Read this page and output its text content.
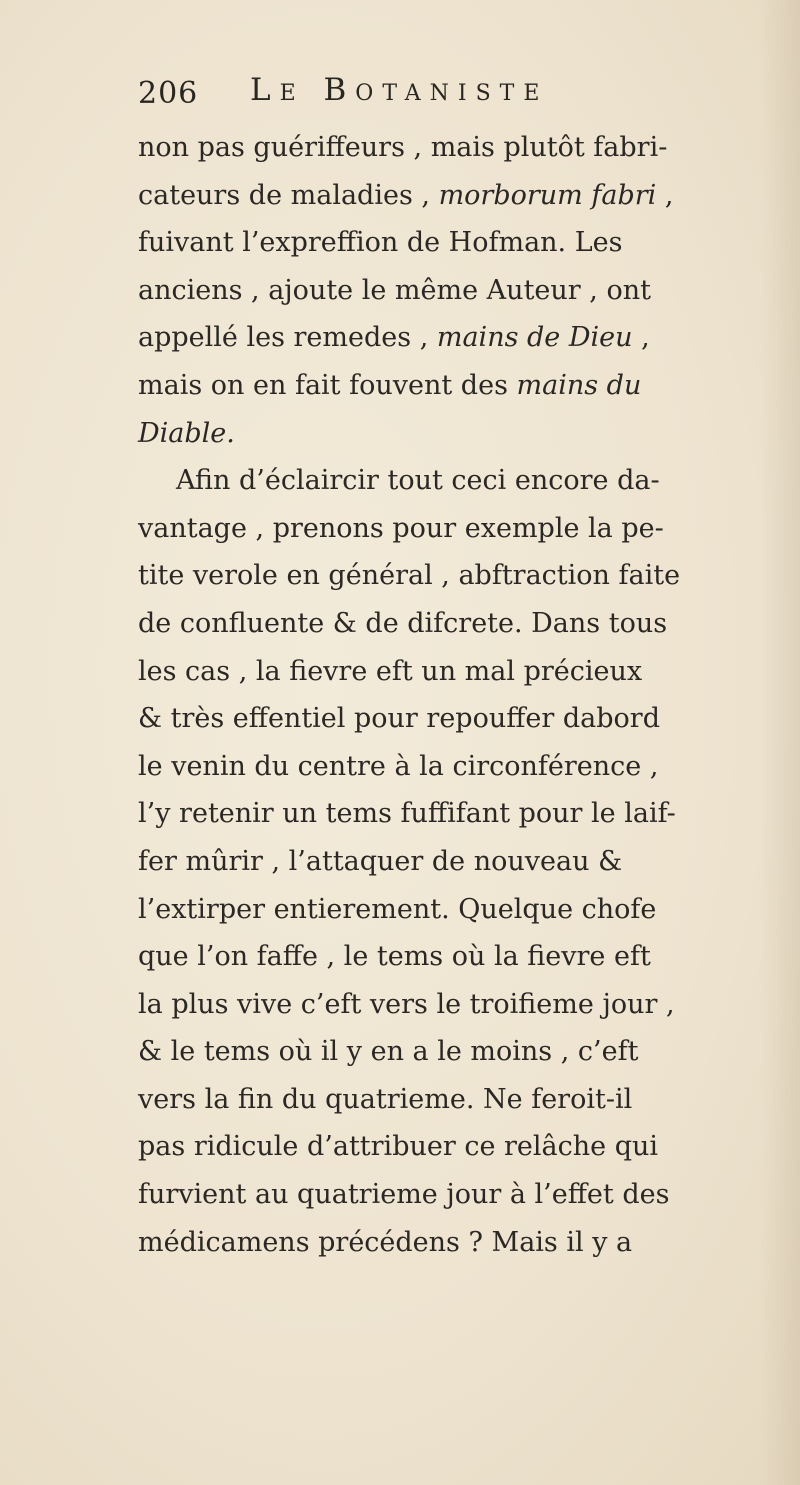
206 Le Botaniste
non pas guériffeurs , mais plutôt fabri-
cateurs de maladies , morborum fabri ,
fuivant l’expreffion de Hofman. Les
anciens , ajoute le même Auteur , ont
appellé les remedes , mains de Dieu ,
mais on en fait fouvent des mains du
Diable.
Afin d’éclaircir tout ceci encore da-
vantage , prenons pour exemple la pe-
tite verole en général , abftraction faite
de confluente & de difcrete. Dans tous
les cas , la fievre eft un mal précieux
& très effentiel pour repouffer dabord
le venin du centre à la circonférence ,
l’y retenir un tems fuffifant pour le laif-
fer mûrir , l’attaquer de nouveau &
l’extirper entierement. Quelque chofe
que l’on faffe , le tems où la fievre eft
la plus vive c’eft vers le troifieme jour ,
& le tems où il y en a le moins , c’eft
vers la fin du quatrieme. Ne feroit-il
pas ridicule d’attribuer ce relâche qui
furvient au quatrieme jour à l’effet des
médicamens précédens ? Mais il y a
